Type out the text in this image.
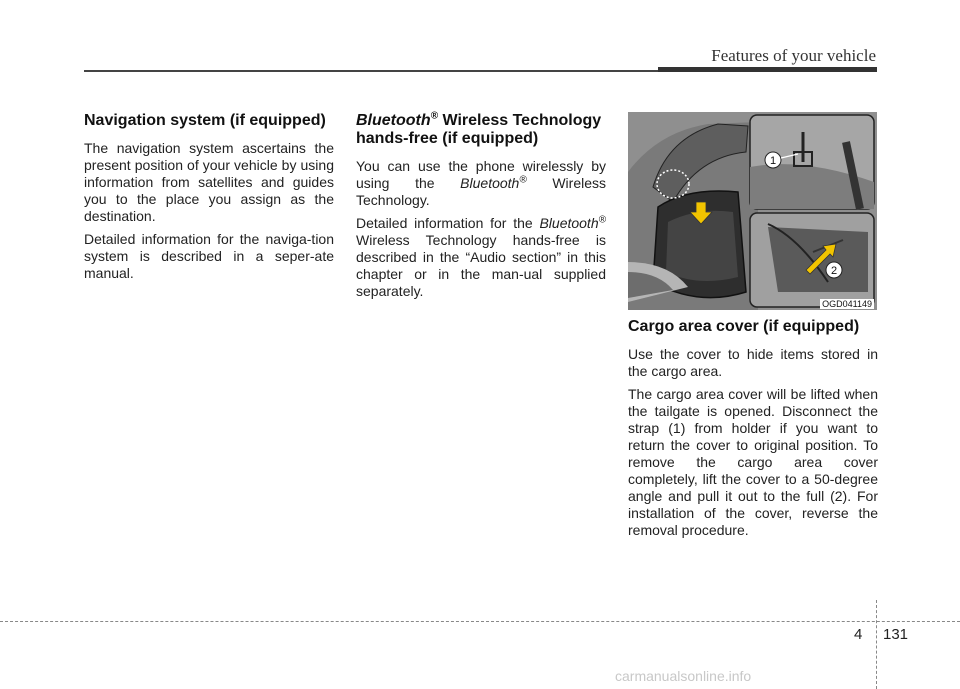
Features of your vehicle
Navigation system (if equipped)

The navigation system ascertains the present position of your vehicle by using information from satellites and guides you to the place you assign as the destination.

Detailed information for the naviga-tion system is described in a seper-ate manual.

Bluetooth® Wireless Technology hands-free (if equipped)

You can use the phone wirelessly by using the Bluetooth® Wireless Technology.

Detailed information for the Bluetooth® Wireless Technology hands-free is described in the “Audio section” in this chapter or in the man-ual supplied separately.

1
2
OGD041149
Cargo area cover (if equipped)

Use the cover to hide items stored in the cargo area.

The cargo area cover will be lifted when the tailgate is opened. Disconnect the strap (1) from holder if you want to return the cover to original position. To remove the cargo area cover completely, lift the cover to a 50-degree angle and pull it out to the full (2). For installation of the cover, reverse the removal procedure.

4 131
carmanualsonline.info
